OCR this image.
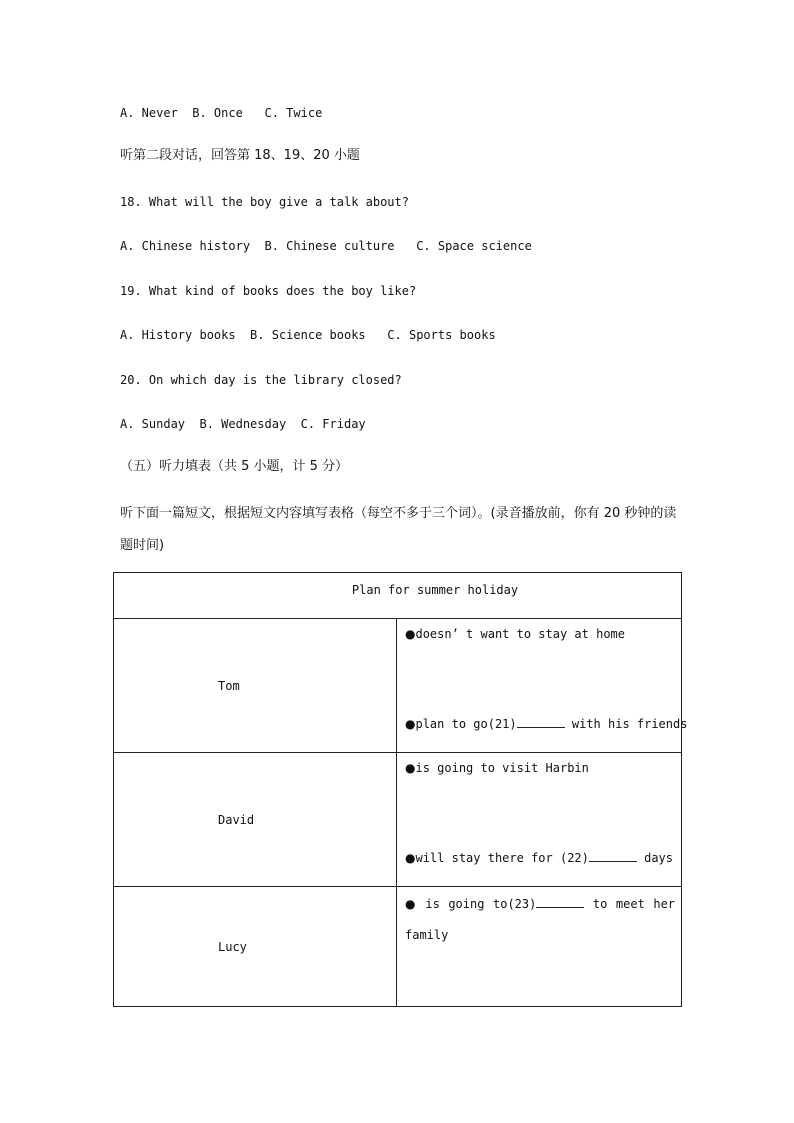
A. Never  B. Once   C. Twice
听第二段对话，回答第 18、19、20 小题
18. What will the boy give a talk about?
A. Chinese history  B. Chinese culture   C. Space science
19. What kind of books does the boy like?
A. History books  B. Science books   C. Sports books
20. On which day is the library closed?
A. Sunday  B. Wednesday  C. Friday
（五）听力填表（共 5 小题，计 5 分）
听下面一篇短文，根据短文内容填写表格（每空不多于三个词）。(录音播放前，你有 20 秒钟的读题时间)
Plan for summer holiday	

Tom	●doesn’ t want to stay at home
●plan to go(21) with his friends

David	●is going to visit Harbin
●will stay there for (22) days

Lucy	● is going to(23) to meet her family
